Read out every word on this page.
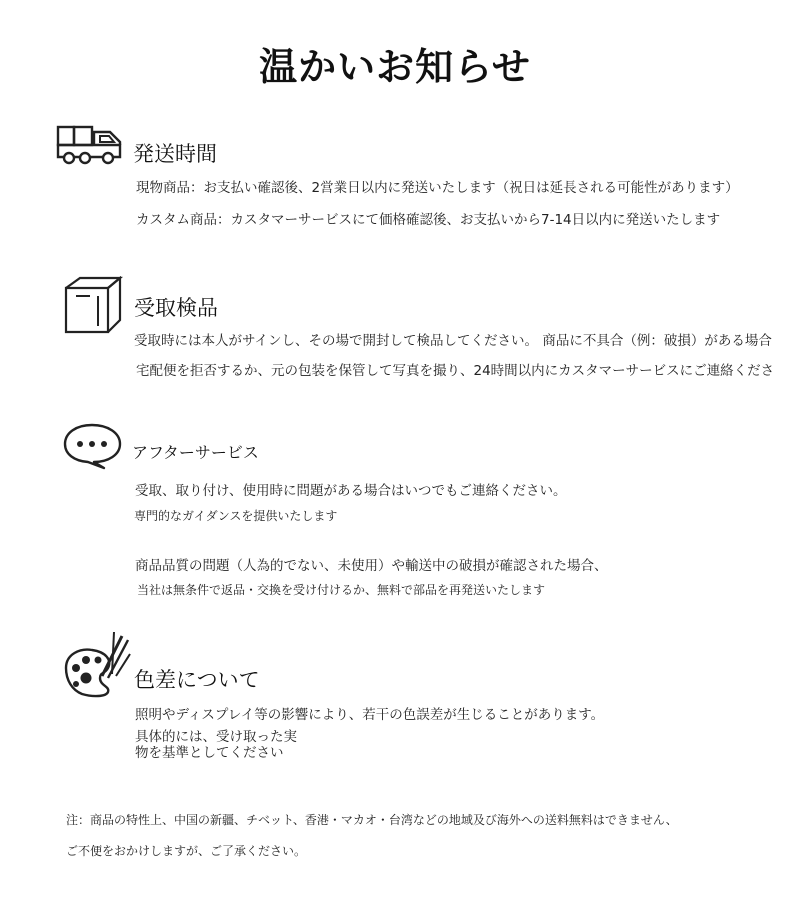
温かいお知らせ
発送時間
現物商品：お支払い確認後、2営業日以内に発送いたします（祝日は延長される可能性があります）
カスタム商品：カスタマーサービスにて価格確認後、お支払いから7-14日以内に発送いたします
受取検品
受取時には本人がサインし、その場で開封して検品してください。 商品に不具合（例：破損）がある場合
宅配便を拒否するか、元の包装を保管して写真を撮り、24時間以内にカスタマーサービスにご連絡くださ
アフターサービス
受取、取り付け、使用時に問題がある場合はいつでもご連絡ください。
専門的なガイダンスを提供いたします
商品品質の問題（人為的でない、未使用）や輸送中の破損が確認された場合、
当社は無条件で返品・交換を受け付けるか、無料で部品を再発送いたします
色差について
照明やディスプレイ等の影響により、若干の色誤差が生じることがあります。
具体的には、受け取った実
物を基準としてください
注：商品の特性上、中国の新疆、チベット、香港・マカオ・台湾などの地域及び海外への送料無料はできません、
ご不便をおかけしますが、ご了承ください。
